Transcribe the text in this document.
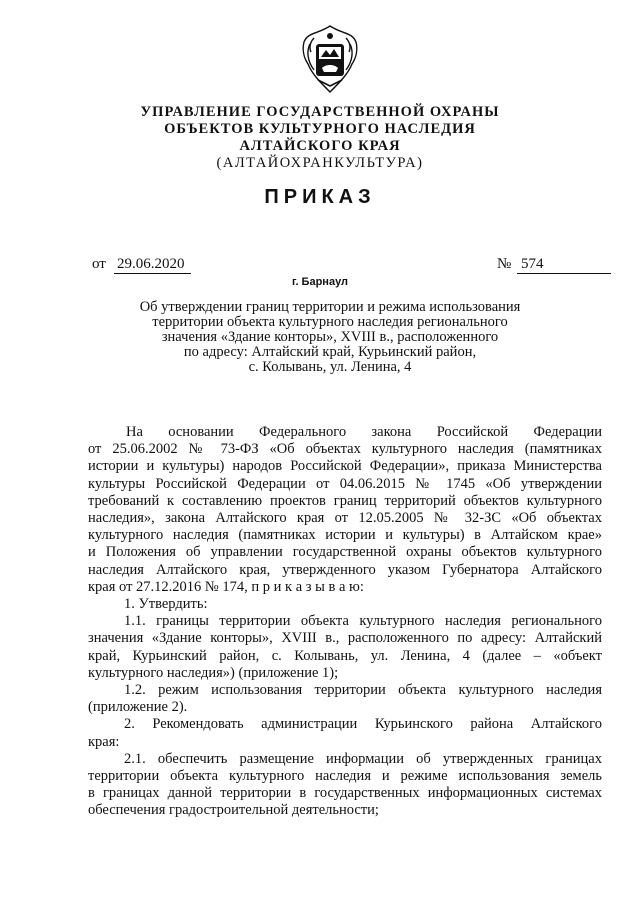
УПРАВЛЕНИЕ ГОСУДАРСТВЕННОЙ ОХРАНЫ
ОБЪЕКТОВ КУЛЬТУРНОГО НАСЛЕДИЯ
АЛТАЙСКОГО КРАЯ
(АЛТАЙОХРАНКУЛЬТУРА)
ПРИКАЗ
от 29.06.2020	№ 574
г. Барнаул
Об утверждении границ территории и режима использования
территории объекта культурного наследия регионального
значения «Здание конторы», XVIII в., расположенного
по адресу: Алтайский край, Курьинский район,
с. Колывань, ул. Ленина, 4
На основании Федерального закона Российской Федерации
от 25.06.2002 № 73-ФЗ «Об объектах культурного наследия (памятниках
истории и культуры) народов Российской Федерации», приказа Министерства
культуры Российской Федерации от 04.06.2015 № 1745 «Об утверждении
требований к составлению проектов границ территорий объектов культурного
наследия», закона Алтайского края от 12.05.2005 № 32-ЗС «Об объектах
культурного наследия (памятниках истории и культуры) в Алтайском крае»
и Положения об управлении государственной охраны объектов культурного
наследия Алтайского края, утвержденного указом Губернатора Алтайского
края от 27.12.2016 № 174, п р и к а з ы в а ю:
1. Утвердить:
1.1. границы территории объекта культурного наследия регионального
значения «Здание конторы», XVIII в., расположенного по адресу: Алтайский
край, Курьинский район, с. Колывань, ул. Ленина, 4 (далее – «объект
культурного наследия») (приложение 1);
1.2. режим использования территории объекта культурного наследия
(приложение 2).
2. Рекомендовать администрации Курьинского района Алтайского
края:
2.1. обеспечить размещение информации об утвержденных границах
территории объекта культурного наследия и режиме использования земель
в границах данной территории в государственных информационных системах
обеспечения градостроительной деятельности;
